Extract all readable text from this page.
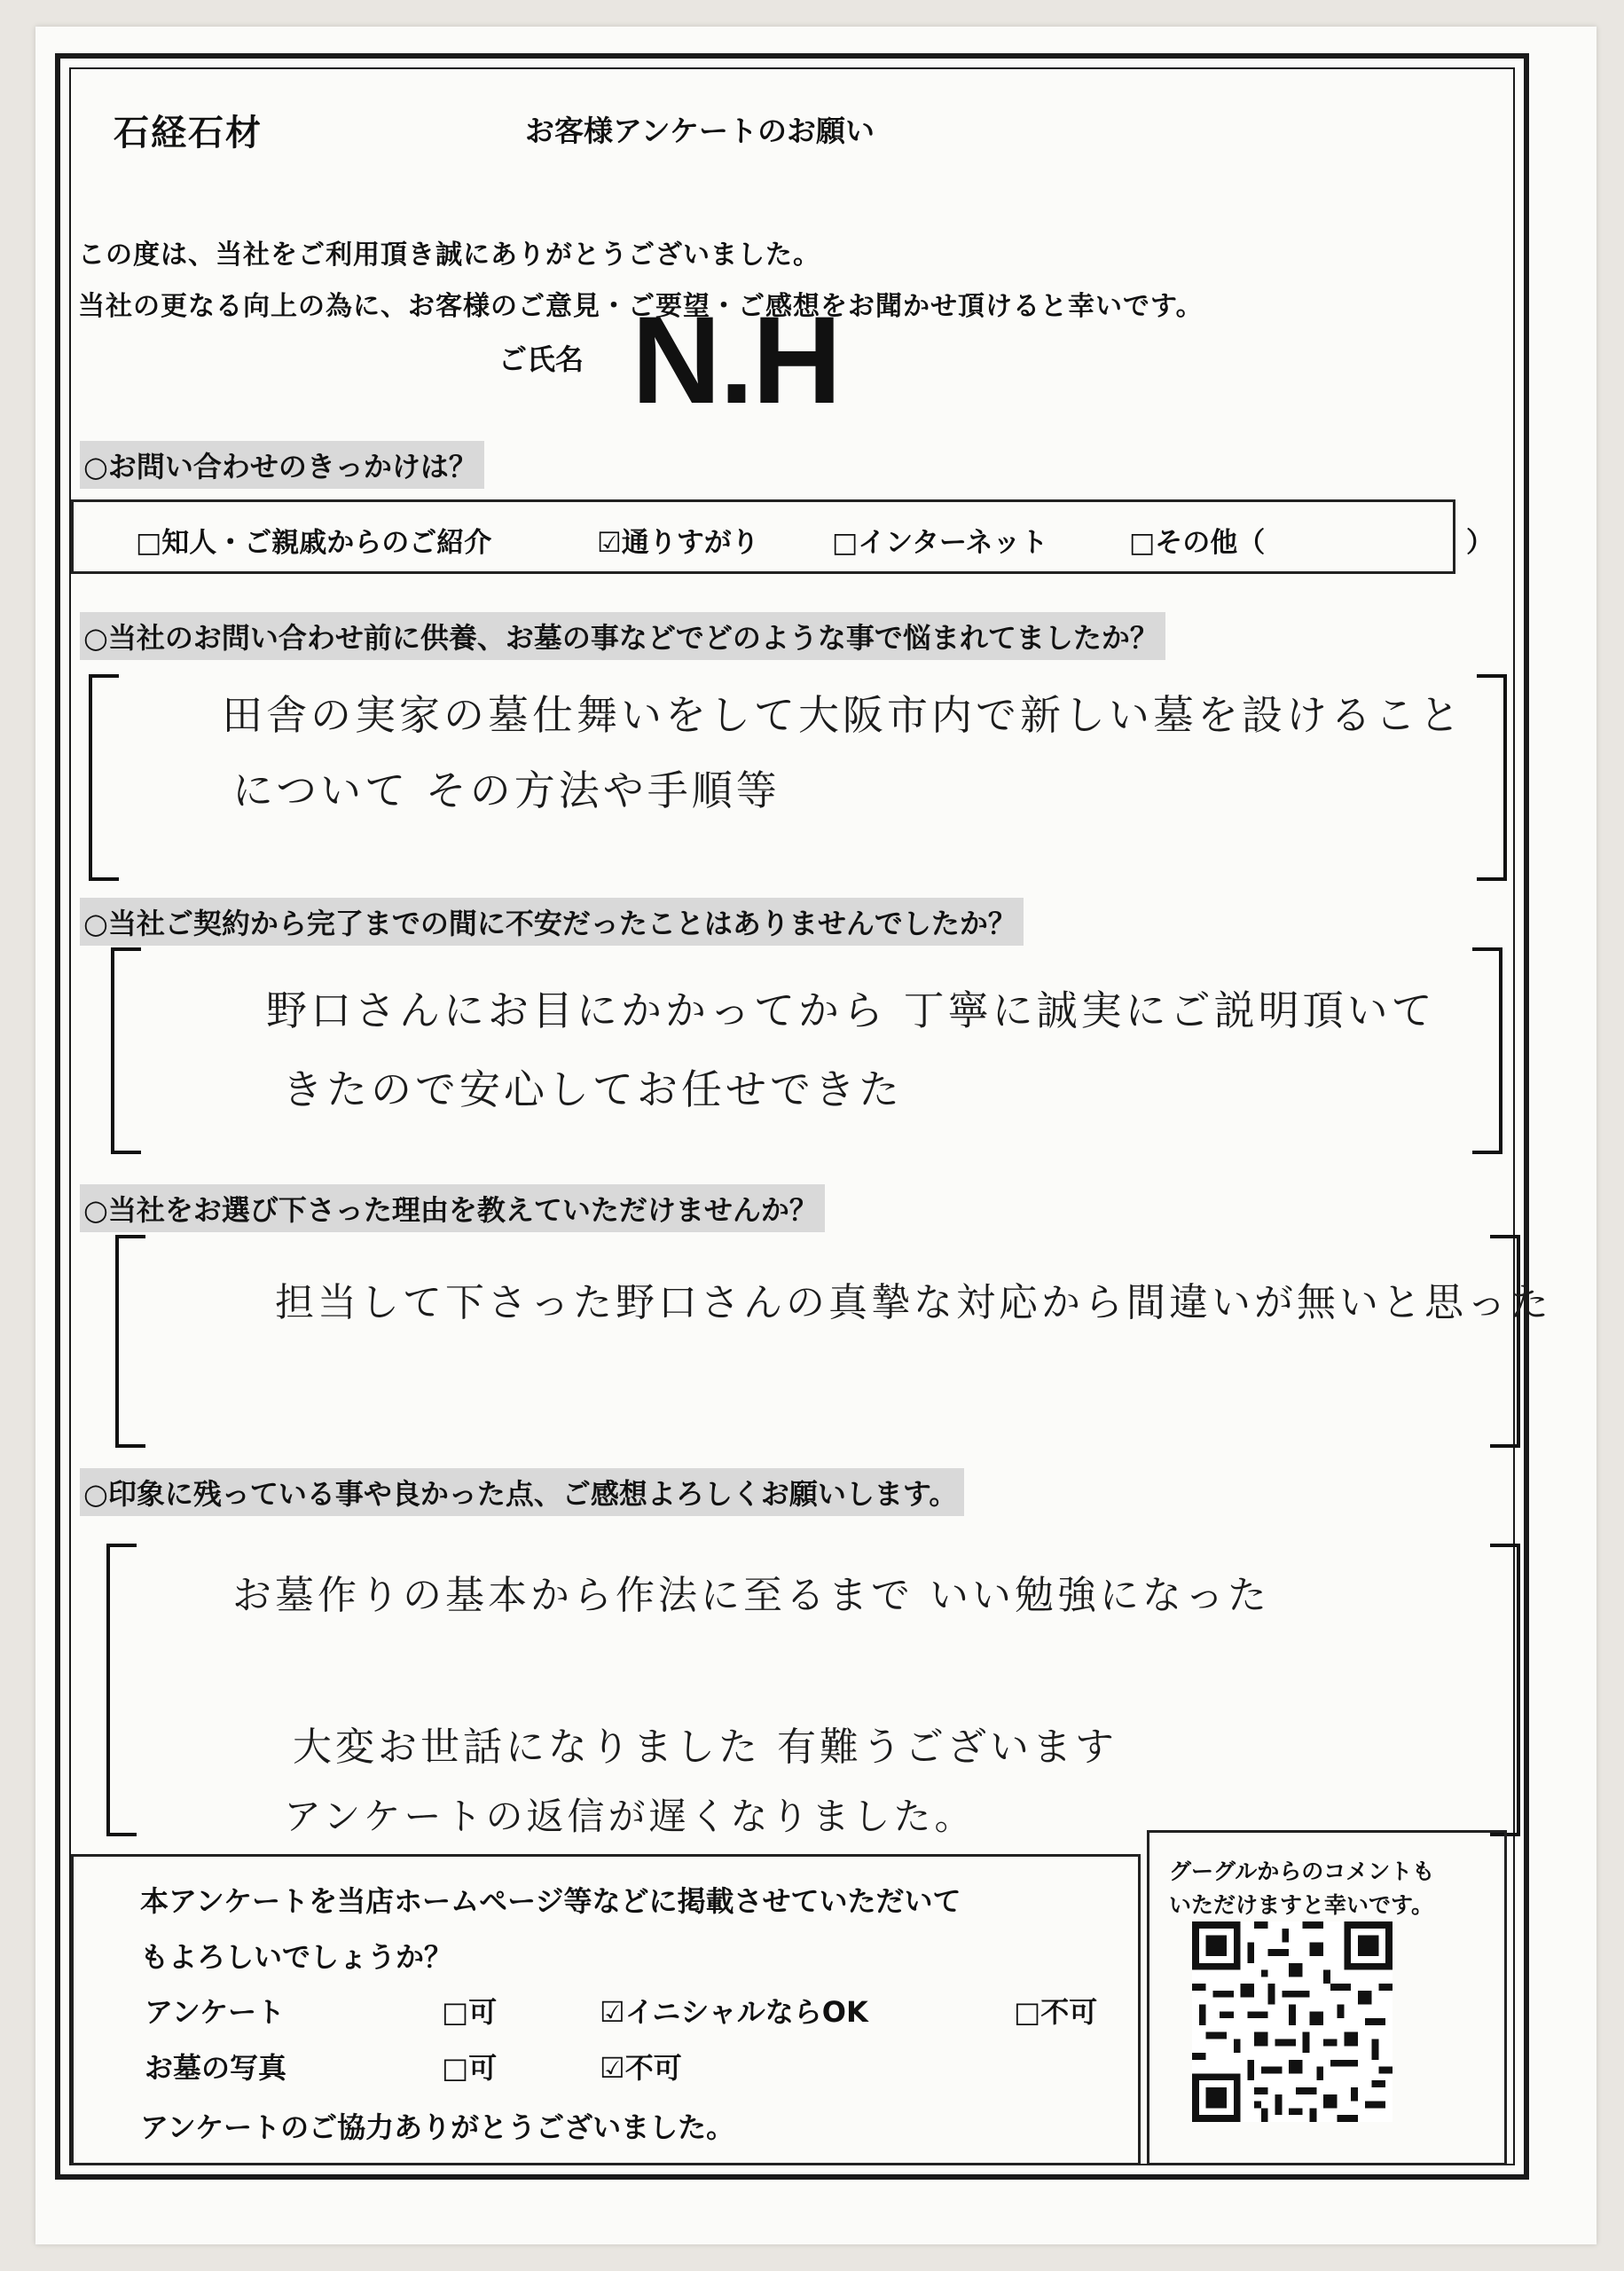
石経石材	お客様アンケートのお願い
この度は、当社をご利用頂き誠にありがとうございました。
当社の更なる向上の為に、お客様のご意見・ご要望・ご感想をお聞かせ頂けると幸いです。
ご氏名 N.H
○お問い合わせのきっかけは？
□知人・ご親戚からのご紹介	☑通りすがり	□インターネット	□その他（	）
○当社のお問い合わせ前に供養、お墓の事などでどのような事で悩まれてましたか？
田舎の実家の墓仕舞いをして大阪市内で新しい墓を設けること
について その方法や手順等
○当社ご契約から完了までの間に不安だったことはありませんでしたか？
野口さんにお目にかかってから 丁寧に誠実にご説明頂いて
きたので安心してお任せできた
○当社をお選び下さった理由を教えていただけませんか？
担当して下さった野口さんの真摯な対応から間違いが無いと思った
○印象に残っている事や良かった点、ご感想よろしくお願いします。
お墓作りの基本から作法に至るまで いい勉強になった
大変お世話になりました 有難うございます
アンケートの返信が遅くなりました。
本アンケートを当店ホームページ等などに掲載させていただいて
もよろしいでしょうか？
アンケート	□可	☑イニシャルならOK	□不可
お墓の写真	□可	☑不可
アンケートのご協力ありがとうございました。
グーグルからのコメントも
いただけますと幸いです。
